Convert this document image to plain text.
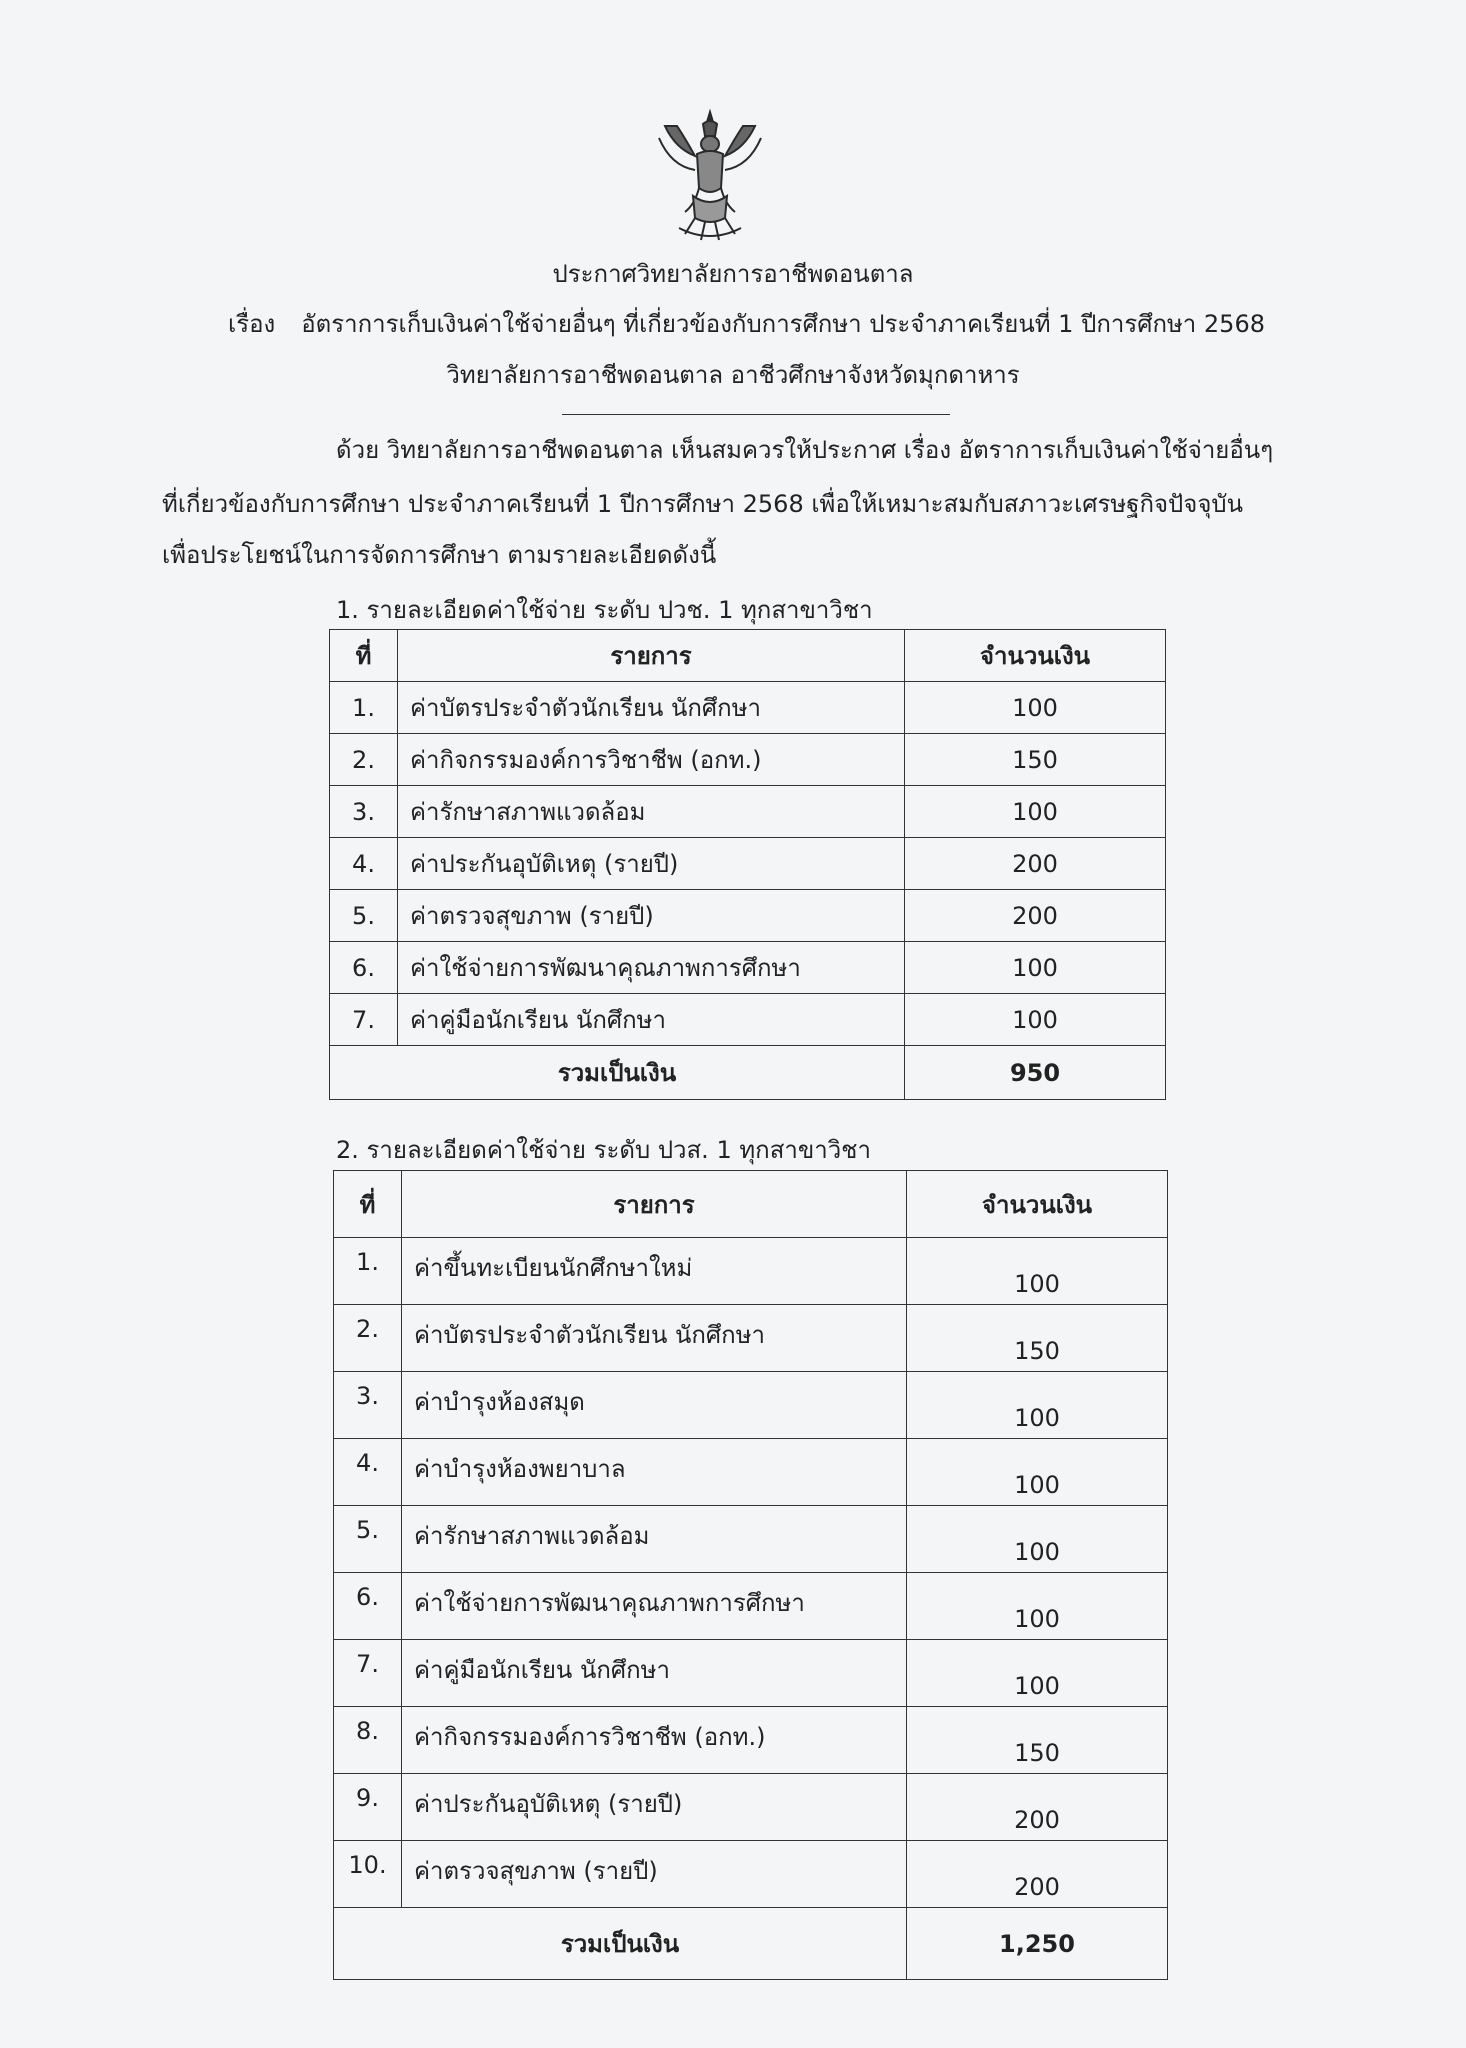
ประกาศวิทยาลัยการอาชีพดอนตาล
เรื่อง อัตราการเก็บเงินค่าใช้จ่ายอื่นๆ ที่เกี่ยวข้องกับการศึกษา ประจำภาคเรียนที่ 1 ปีการศึกษา 2568
วิทยาลัยการอาชีพดอนตาล อาชีวศึกษาจังหวัดมุกดาหาร
ด้วย วิทยาลัยการอาชีพดอนตาล เห็นสมควรให้ประกาศ เรื่อง อัตราการเก็บเงินค่าใช้จ่ายอื่นๆ
ที่เกี่ยวข้องกับการศึกษา ประจำภาคเรียนที่ 1 ปีการศึกษา 2568 เพื่อให้เหมาะสมกับสภาวะเศรษฐกิจปัจจุบัน
เพื่อประโยชน์ในการจัดการศึกษา ตามรายละเอียดดังนี้
1. รายละเอียดค่าใช้จ่าย ระดับ ปวช. 1 ทุกสาขาวิชา
ที่	รายการ	จำนวนเงิน
1.	ค่าบัตรประจำตัวนักเรียน นักศึกษา	100
2.	ค่ากิจกรรมองค์การวิชาชีพ (อกท.)	150
3.	ค่ารักษาสภาพแวดล้อม	100
4.	ค่าประกันอุบัติเหตุ (รายปี)	200
5.	ค่าตรวจสุขภาพ (รายปี)	200
6.	ค่าใช้จ่ายการพัฒนาคุณภาพการศึกษา	100
7.	ค่าคู่มือนักเรียน นักศึกษา	100
รวมเป็นเงิน		950
2. รายละเอียดค่าใช้จ่าย ระดับ ปวส. 1 ทุกสาขาวิชา
ที่	รายการ	จำนวนเงิน
1.	ค่าขึ้นทะเบียนนักศึกษาใหม่	100
2.	ค่าบัตรประจำตัวนักเรียน นักศึกษา	150
3.	ค่าบำรุงห้องสมุด	100
4.	ค่าบำรุงห้องพยาบาล	100
5.	ค่ารักษาสภาพแวดล้อม	100
6.	ค่าใช้จ่ายการพัฒนาคุณภาพการศึกษา	100
7.	ค่าคู่มือนักเรียน นักศึกษา	100
8.	ค่ากิจกรรมองค์การวิชาชีพ (อกท.)	150
9.	ค่าประกันอุบัติเหตุ (รายปี)	200
10.	ค่าตรวจสุขภาพ (รายปี)	200
รวมเป็นเงิน		1,250
